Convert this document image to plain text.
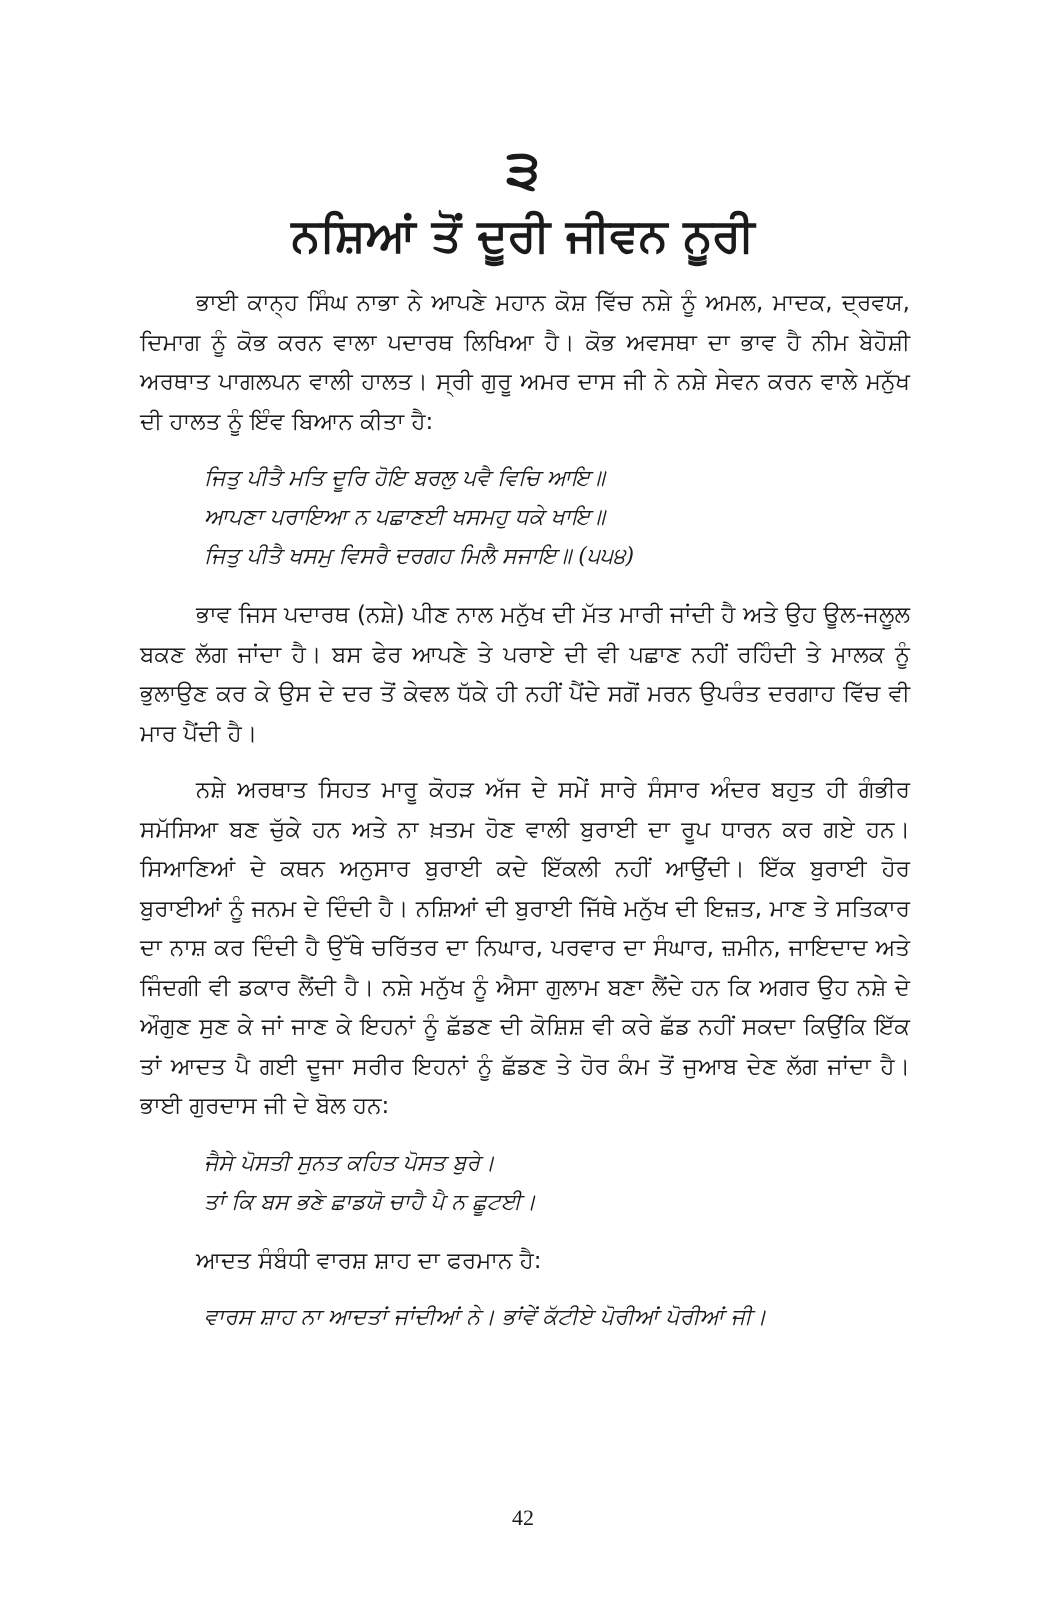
੩
ਨਸ਼ਿਆਂ ਤੋਂ ਦੂਰੀ ਜੀਵਨ ਨੂਰੀ

ਭਾਈ ਕਾਨ੍ਹ ਸਿੰਘ ਨਾਭਾ ਨੇ ਆਪਣੇ ਮਹਾਨ ਕੋਸ਼ ਵਿੱਚ ਨਸ਼ੇ ਨੂੰ ਅਮਲ, ਮਾਦਕ, ਦ੍ਰਵਯ, ਦਿਮਾਗ ਨੂੰ ਕੋਭ ਕਰਨ ਵਾਲਾ ਪਦਾਰਥ ਲਿਖਿਆ ਹੈ। ਕੋਭ ਅਵਸਥਾ ਦਾ ਭਾਵ ਹੈ ਨੀਮ ਬੇਹੋਸ਼ੀ ਅਰਥਾਤ ਪਾਗਲਪਨ ਵਾਲੀ ਹਾਲਤ। ਸ੍ਰੀ ਗੁਰੂ ਅਮਰ ਦਾਸ ਜੀ ਨੇ ਨਸ਼ੇ ਸੇਵਨ ਕਰਨ ਵਾਲੇ ਮਨੁੱਖ ਦੀ ਹਾਲਤ ਨੂੰ ਇੰਵ ਬਿਆਨ ਕੀਤਾ ਹੈ:

ਜਿਤੁ ਪੀਤੈ ਮਤਿ ਦੂਰਿ ਹੋਇ ਬਰਲੁ ਪਵੈ ਵਿਚਿ ਆਇ॥
ਆਪਣਾ ਪਰਾਇਆ ਨ ਪਛਾਣਈ ਖਸਮਹੁ ਧਕੇ ਖਾਇ॥
ਜਿਤੁ ਪੀਤੈ ਖਸਮੁ ਵਿਸਰੈ ਦਰਗਹ ਮਿਲੈ ਸਜਾਇ॥ (੫੫੪)

ਭਾਵ ਜਿਸ ਪਦਾਰਥ (ਨਸ਼ੇ) ਪੀਣ ਨਾਲ ਮਨੁੱਖ ਦੀ ਮੱਤ ਮਾਰੀ ਜਾਂਦੀ ਹੈ ਅਤੇ ਉਹ ਊਲ-ਜਲੂਲ ਬਕਣ ਲੱਗ ਜਾਂਦਾ ਹੈ। ਬਸ ਫੇਰ ਆਪਣੇ ਤੇ ਪਰਾਏ ਦੀ ਵੀ ਪਛਾਣ ਨਹੀਂ ਰਹਿੰਦੀ ਤੇ ਮਾਲਕ ਨੂੰ ਭੁਲਾਉਣ ਕਰ ਕੇ ਉਸ ਦੇ ਦਰ ਤੋਂ ਕੇਵਲ ਧੱਕੇ ਹੀ ਨਹੀਂ ਪੈਂਦੇ ਸਗੋਂ ਮਰਨ ਉਪਰੰਤ ਦਰਗਾਹ ਵਿੱਚ ਵੀ ਮਾਰ ਪੈਂਦੀ ਹੈ।

ਨਸ਼ੇ ਅਰਥਾਤ ਸਿਹਤ ਮਾਰੂ ਕੋਹੜ ਅੱਜ ਦੇ ਸਮੇਂ ਸਾਰੇ ਸੰਸਾਰ ਅੰਦਰ ਬਹੁਤ ਹੀ ਗੰਭੀਰ ਸਮੱਸਿਆ ਬਣ ਚੁੱਕੇ ਹਨ ਅਤੇ ਨਾ ਖ਼ਤਮ ਹੋਣ ਵਾਲੀ ਬੁਰਾਈ ਦਾ ਰੂਪ ਧਾਰਨ ਕਰ ਗਏ ਹਨ। ਸਿਆਣਿਆਂ ਦੇ ਕਥਨ ਅਨੁਸਾਰ ਬੁਰਾਈ ਕਦੇ ਇੱਕਲੀ ਨਹੀਂ ਆਉਂਦੀ। ਇੱਕ ਬੁਰਾਈ ਹੋਰ ਬੁਰਾਈਆਂ ਨੂੰ ਜਨਮ ਦੇ ਦਿੰਦੀ ਹੈ। ਨਸ਼ਿਆਂ ਦੀ ਬੁਰਾਈ ਜਿੱਥੇ ਮਨੁੱਖ ਦੀ ਇਜ਼ਤ, ਮਾਣ ਤੇ ਸਤਿਕਾਰ ਦਾ ਨਾਸ਼ ਕਰ ਦਿੰਦੀ ਹੈ ਉੱਥੇ ਚਰਿੱਤਰ ਦਾ ਨਿਘਾਰ, ਪਰਵਾਰ ਦਾ ਸੰਘਾਰ, ਜ਼ਮੀਨ, ਜਾਇਦਾਦ ਅਤੇ ਜਿੰਦਗੀ ਵੀ ਡਕਾਰ ਲੈਂਦੀ ਹੈ। ਨਸ਼ੇ ਮਨੁੱਖ ਨੂੰ ਐਸਾ ਗੁਲਾਮ ਬਣਾ ਲੈਂਦੇ ਹਨ ਕਿ ਅਗਰ ਉਹ ਨਸ਼ੇ ਦੇ ਔਗੁਣ ਸੁਣ ਕੇ ਜਾਂ ਜਾਣ ਕੇ ਇਹਨਾਂ ਨੂੰ ਛੱਡਣ ਦੀ ਕੋਸ਼ਿਸ਼ ਵੀ ਕਰੇ ਛੱਡ ਨਹੀਂ ਸਕਦਾ ਕਿਉਂਕਿ ਇੱਕ ਤਾਂ ਆਦਤ ਪੈ ਗਈ ਦੂਜਾ ਸਰੀਰ ਇਹਨਾਂ ਨੂੰ ਛੱਡਣ ਤੇ ਹੋਰ ਕੰਮ ਤੋਂ ਜੁਆਬ ਦੇਣ ਲੱਗ ਜਾਂਦਾ ਹੈ। ਭਾਈ ਗੁਰਦਾਸ ਜੀ ਦੇ ਬੋਲ ਹਨ:

ਜੈਸੇ ਪੋਸਤੀ ਸੁਨਤ ਕਹਿਤ ਪੋਸਤ ਬੁਰੇ।
ਤਾਂ ਕਿ ਬਸ ਭਣੇ ਛਾਡਯੋ ਚਾਹੈ ਪੈ ਨ ਛੂਟਈ।

ਆਦਤ ਸੰਬੰਧੀ ਵਾਰਸ਼ ਸ਼ਾਹ ਦਾ ਫਰਮਾਨ ਹੈ:

ਵਾਰਸ ਸ਼ਾਹ ਨਾ ਆਦਤਾਂ ਜਾਂਦੀਆਂ ਨੇ। ਭਾਂਵੇਂ ਕੱਟੀਏ ਪੋਰੀਆਂ ਪੋਰੀਆਂ ਜੀ।
42
